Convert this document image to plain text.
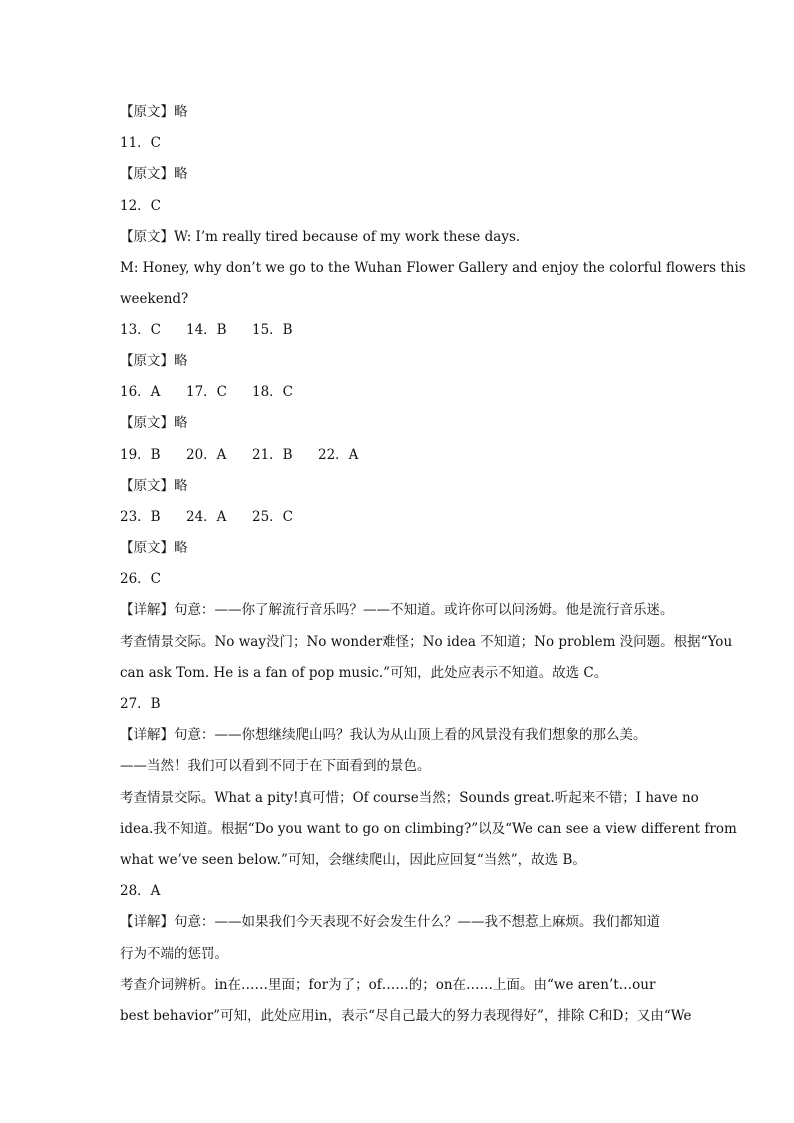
【原文】略
11．C
【原文】略
12．C
【原文】W: I’m really tired because of my work these days.
M: Honey, why don’t we go to the Wuhan Flower Gallery and enjoy the colorful flowers this
weekend?
13．C 14．B 15．B
【原文】略
16．A 17．C 18．C
【原文】略
19．B 20．A 21．B 22．A
【原文】略
23．B 24．A 25．C
【原文】略
26．C
【详解】句意：——你了解流行音乐吗？——不知道。或许你可以问汤姆。他是流行音乐迷。
考查情景交际。No way没门；No wonder难怪；No idea 不知道；No problem 没问题。根据“You
can ask Tom. He is a fan of pop music.”可知，此处应表示不知道。故选 C。
27．B
【详解】句意：——你想继续爬山吗？我认为从山顶上看的风景没有我们想象的那么美。
——当然！我们可以看到不同于在下面看到的景色。
考查情景交际。What a pity!真可惜；Of course当然；Sounds great.听起来不错；I have no
idea.我不知道。根据“Do you want to go on climbing?”以及“We can see a view different from
what we’ve seen below.”可知，会继续爬山，因此应回复“当然”，故选 B。
28．A
【详解】句意：——如果我们今天表现不好会发生什么？——我不想惹上麻烦。我们都知道
行为不端的惩罚。
考查介词辨析。in在……里面；for为了；of……的；on在……上面。由“we aren’t…our
best behavior”可知，此处应用in，表示“尽自己最大的努力表现得好”，排除 C和D；又由“We
